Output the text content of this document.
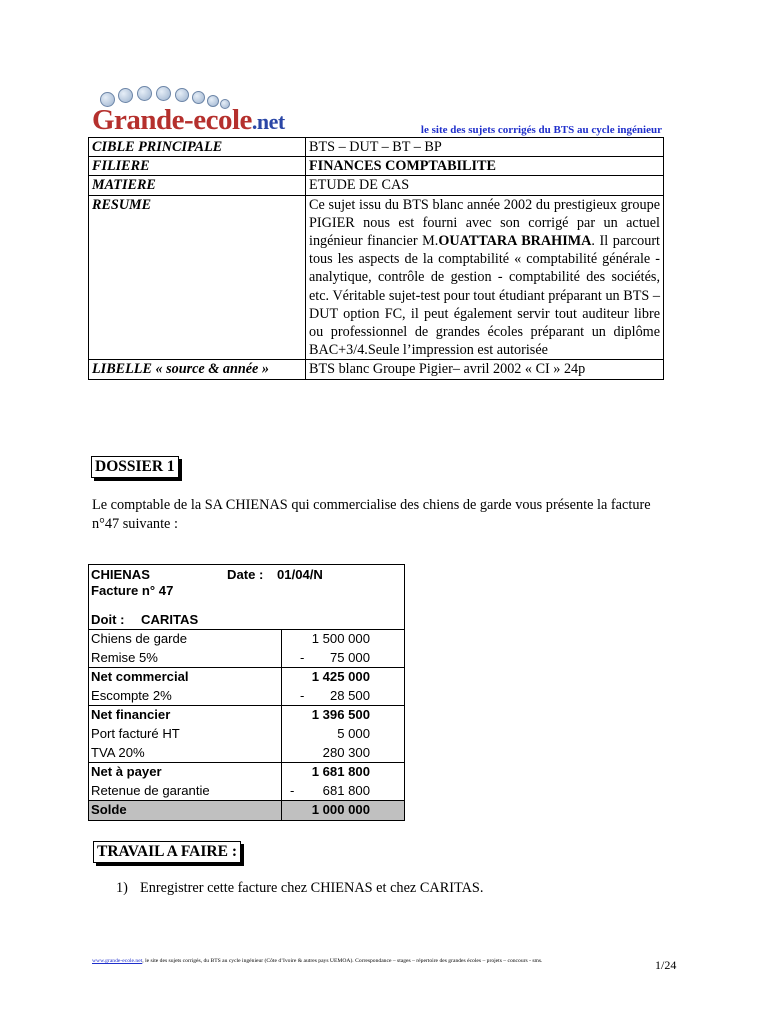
Grande-ecole.net	le site des sujets corrigés du BTS au cycle ingénieur
CIBLE PRINCIPALE	BTS – DUT – BT – BP
FILIERE	FINANCES COMPTABILITE
MATIERE	ETUDE DE CAS
RESUME	Ce sujet issu du BTS blanc année 2002 du prestigieux groupe PIGIER nous est fourni avec son corrigé par un actuel ingénieur financier M.OUATTARA BRAHIMA. Il parcourt tous les aspects de la comptabilité « comptabilité générale - analytique, contrôle de gestion - comptabilité des sociétés, etc. Véritable sujet-test pour tout étudiant préparant un BTS – DUT option FC, il peut également servir tout auditeur libre ou professionnel de grandes écoles préparant un diplôme BAC+3/4.Seule l’impression est autorisée
LIBELLE « source & année »	BTS blanc Groupe Pigier– avril 2002 « CI » 24p
DOSSIER 1
Le comptable de la SA CHIENAS qui commercialise des chiens de garde vous présente la facture n°47 suivante :
CHIENAS	Date : 01/04/N
Facture n° 47
Doit : CARITAS
Chiens de garde	1 500 000
Remise 5%	- 75 000
Net commercial	1 425 000
Escompte 2%	- 28 500
Net financier	1 396 500
Port facturé HT	5 000
TVA 20%	280 300
Net à payer	1 681 800
Retenue de garantie	- 681 800
Solde	1 000 000
TRAVAIL A FAIRE :
1) Enregistrer cette facture chez CHIENAS et chez CARITAS.
www.grande-ecole.net, le site des sujets corrigés, du BTS au cycle ingénieur (Côte d’Ivoire & autres pays UEMOA). Correspondance – stages – répertoire des grandes écoles – projets – concours - sms.	1/24
